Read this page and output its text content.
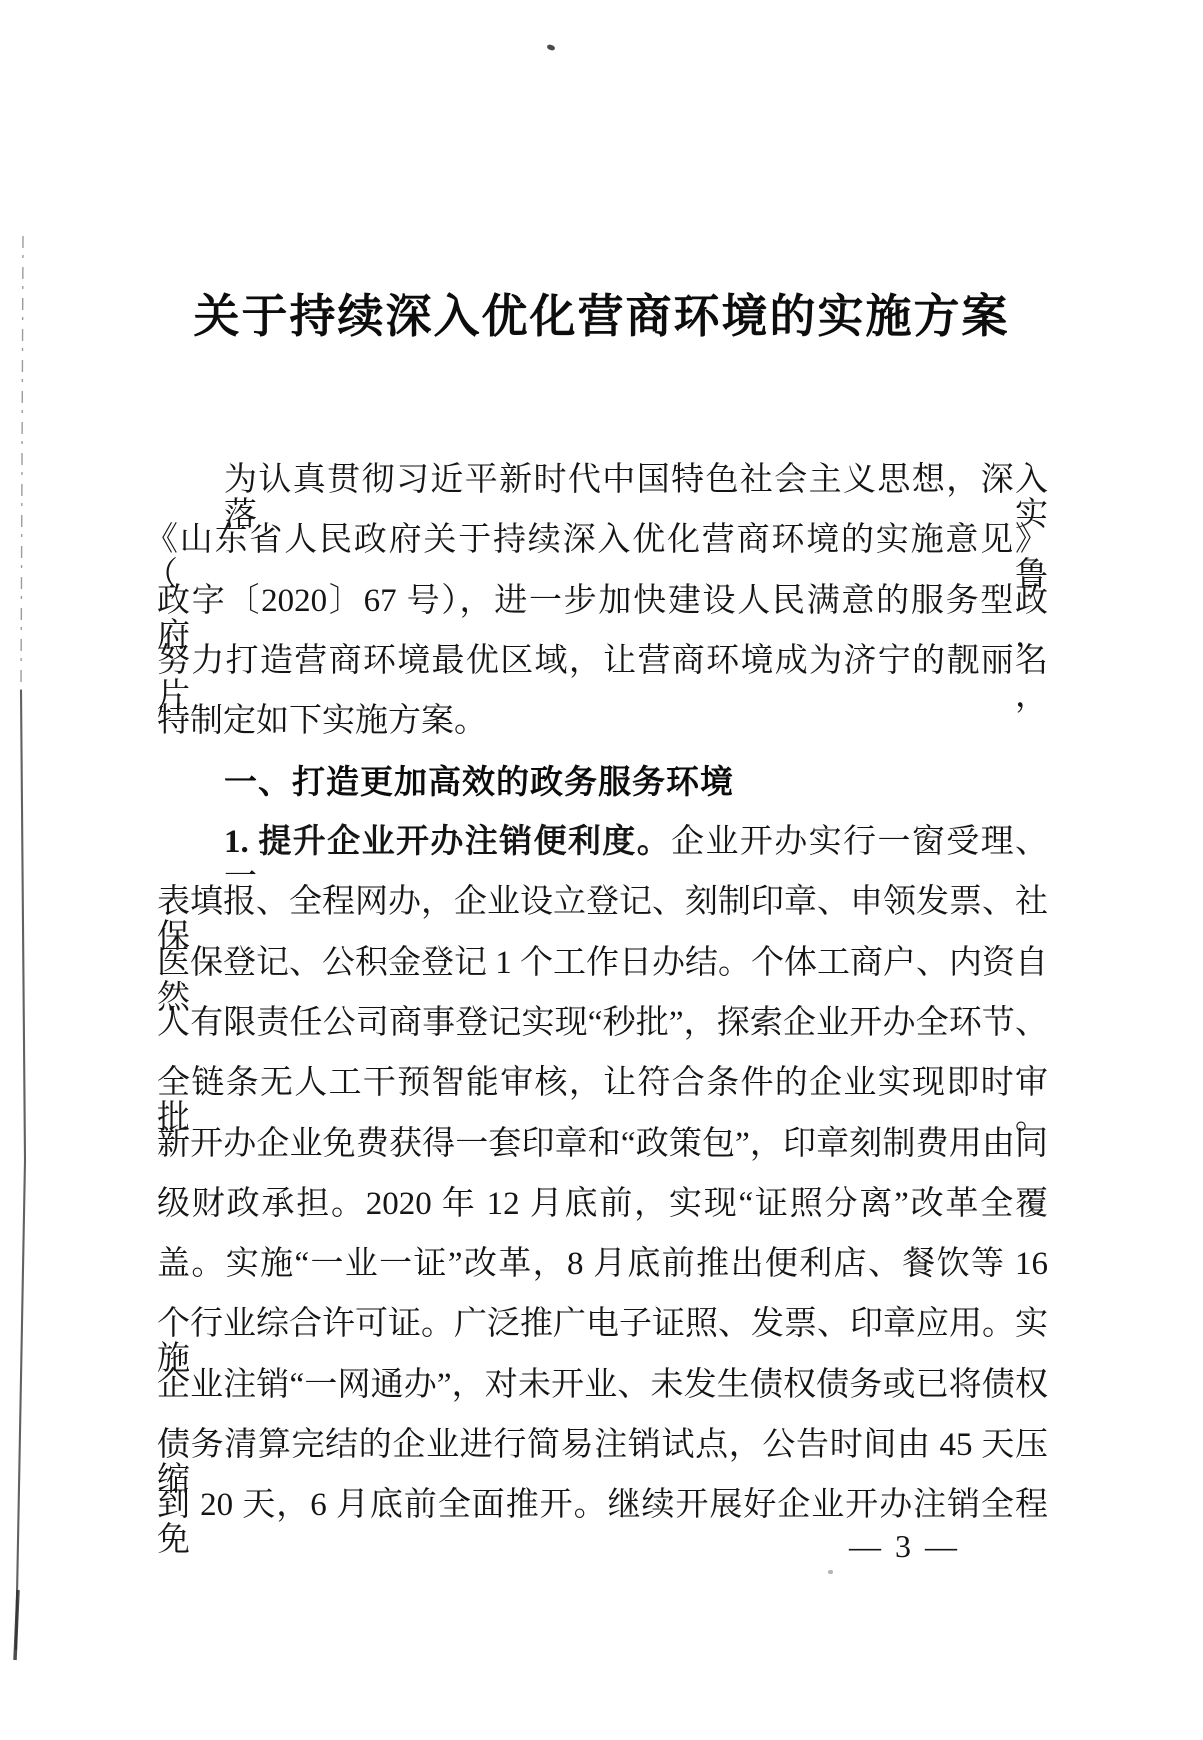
关于持续深入优化营商环境的实施方案
为认真贯彻习近平新时代中国特色社会主义思想，深入落实
《山东省人民政府关于持续深入优化营商环境的实施意见》（鲁
政字〔2020〕67 号），进一步加快建设人民满意的服务型政府，
努力打造营商环境最优区域，让营商环境成为济宁的靓丽名片，
特制定如下实施方案。
一、打造更加高效的政务服务环境
1. 提升企业开办注销便利度。企业开办实行一窗受理、一
表填报、全程网办，企业设立登记、刻制印章、申领发票、社保
医保登记、公积金登记 1 个工作日办结。个体工商户、内资自然
人有限责任公司商事登记实现“秒批”，探索企业开办全环节、
全链条无人工干预智能审核，让符合条件的企业实现即时审批。
新开办企业免费获得一套印章和“政策包”，印章刻制费用由同
级财政承担。2020 年 12 月底前，实现“证照分离”改革全覆
盖。实施“一业一证”改革，8 月底前推出便利店、餐饮等 16
个行业综合许可证。广泛推广电子证照、发票、印章应用。实施
企业注销“一网通办”，对未开业、未发生债权债务或已将债权
债务清算完结的企业进行简易注销试点，公告时间由 45 天压缩
到 20 天，6 月底前全面推开。继续开展好企业开办注销全程免	— 3 —
